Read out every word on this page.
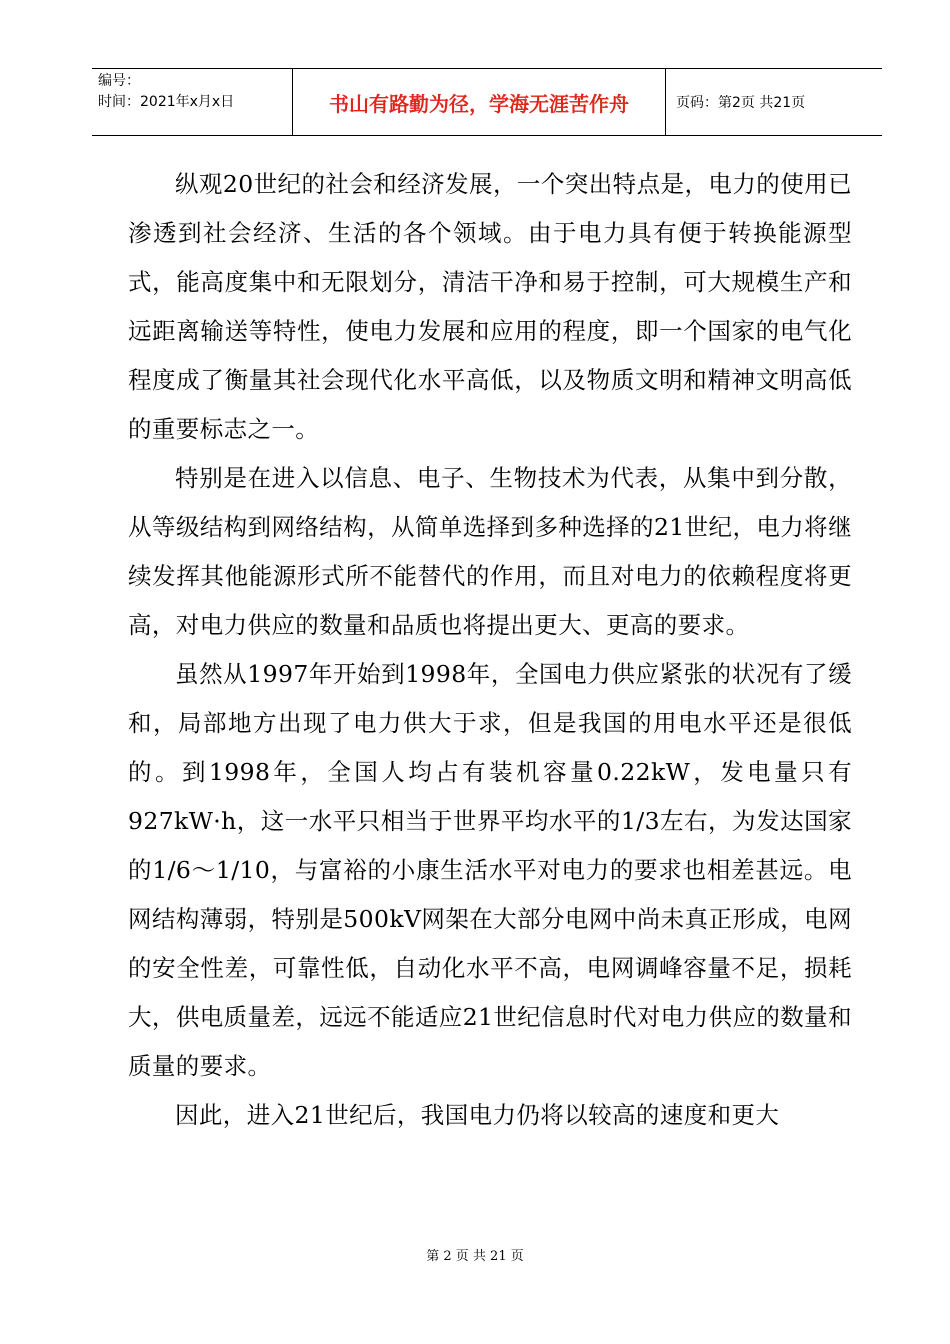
编号：
时间：2021年x月x日	书山有路勤为径，学海无涯苦作舟	页码：第2页 共21页

纵观20世纪的社会和经济发展，一个突出特点是，电力的使用已渗透到社会经济、生活的各个领域。由于电力具有便于转换能源型式，能高度集中和无限划分，清洁干净和易于控制，可大规模生产和远距离输送等特性，使电力发展和应用的程度，即一个国家的电气化程度成了衡量其社会现代化水平高低，以及物质文明和精神文明高低的重要标志之一。

特别是在进入以信息、电子、生物技术为代表，从集中到分散，从等级结构到网络结构，从简单选择到多种选择的21世纪，电力将继续发挥其他能源形式所不能替代的作用，而且对电力的依赖程度将更高，对电力供应的数量和品质也将提出更大、更高的要求。

虽然从1997年开始到1998年，全国电力供应紧张的状况有了缓和，局部地方出现了电力供大于求，但是我国的用电水平还是很低的。到1998年，全国人均占有装机容量0.22kW，发电量只有927kW·h，这一水平只相当于世界平均水平的1/3左右，为发达国家的1/6～1/10，与富裕的小康生活水平对电力的要求也相差甚远。电网结构薄弱，特别是500kV网架在大部分电网中尚未真正形成，电网的安全性差，可靠性低，自动化水平不高，电网调峰容量不足，损耗大，供电质量差，远远不能适应21世纪信息时代对电力供应的数量和质量的要求。

因此，进入21世纪后，我国电力仍将以较高的速度和更大

第 2 页 共 21 页
